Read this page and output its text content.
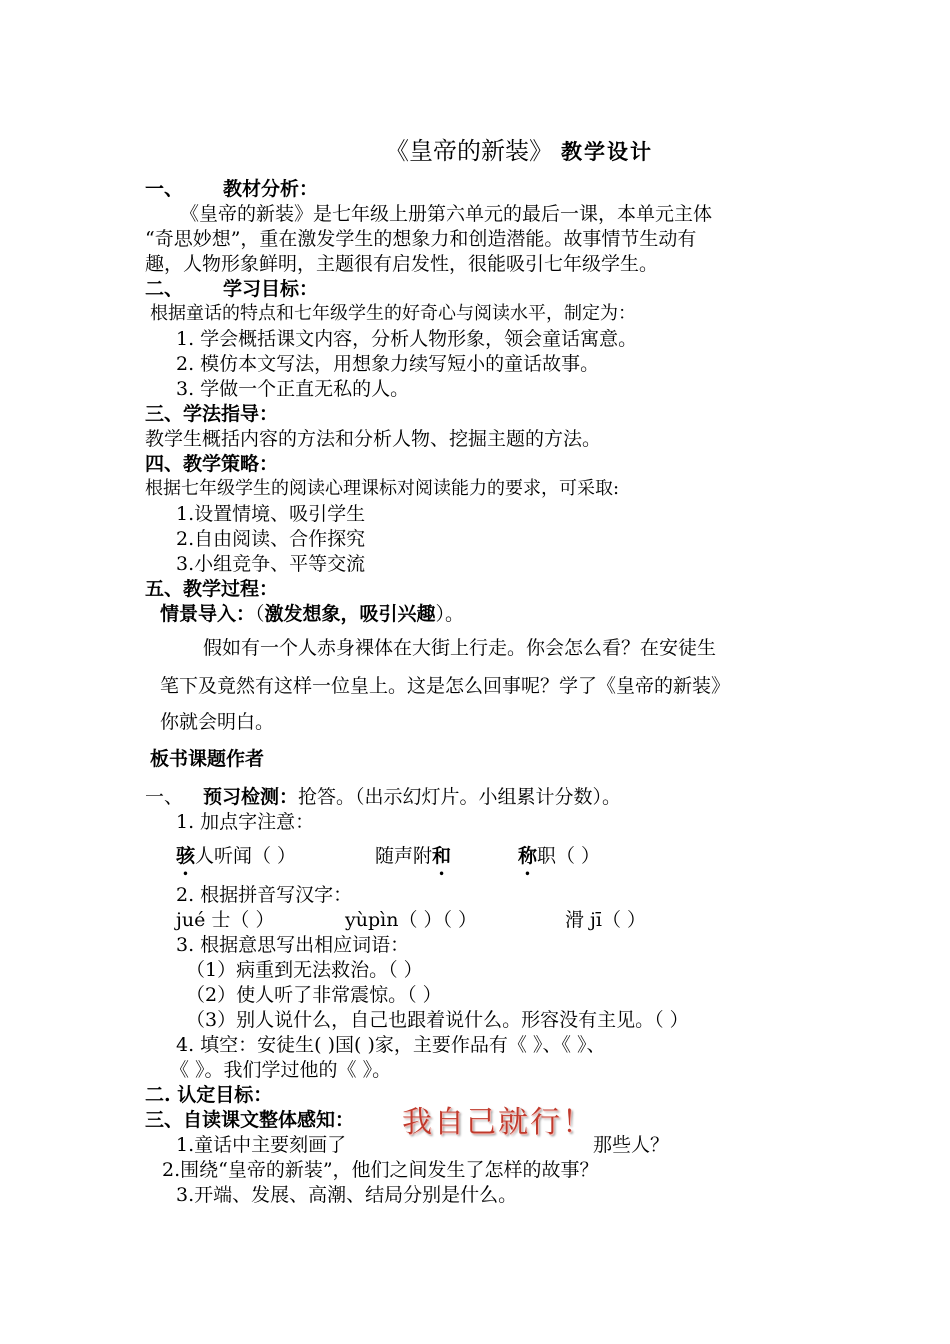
《皇帝的新装》 教学设计
一、 教材分析：
《皇帝的新装》是七年级上册第六单元的最后一课，本单元主体
“奇思妙想”，重在激发学生的想象力和创造潜能。故事情节生动有
趣，人物形象鲜明，主题很有启发性，很能吸引七年级学生。
二、 学习目标：
根据童话的特点和七年级学生的好奇心与阅读水平，制定为：
1. 学会概括课文内容，分析人物形象，领会童话寓意。
2. 模仿本文写法，用想象力续写短小的童话故事。
3. 学做一个正直无私的人。
三、学法指导：
教学生概括内容的方法和分析人物、挖掘主题的方法。
四、教学策略：
根据七年级学生的阅读心理课标对阅读能力的要求，可采取:
1.设置情境、吸引学生
2.自由阅读、合作探究
3.小组竞争、平等交流
五、教学过程：
情景导入：（激发想象，吸引兴趣）。
假如有一个人赤身裸体在大街上行走。你会怎么看？在安徒生
笔下及竟然有这样一位皇上。这是怎么回事呢？学了《皇帝的新装》
你就会明白。
板书课题作者
一、 预习检测：抢答。（出示幻灯片。小组累计分数）。
1. 加点字注意：
骇人听闻（ ）	随声附和	称职（ ）
2. 根据拼音写汉字：
jué 士（ ）	yùpìn（ ）（ ）	滑 jī（ ）
3. 根据意思写出相应词语：
（1）病重到无法救治。（ ）
（2）使人听了非常震惊。（ ）
（3）别人说什么，自己也跟着说什么。形容没有主见。（ ）
4. 填空：安徒生( )国( )家，主要作品有《 》、《 》、
《 》。我们学过他的《 》。
二. 认定目标：
三、自读课文整体感知： 我自己就行！
1.童话中主要刻画了	那些人？
2.围绕“皇帝的新装”，他们之间发生了怎样的故事？
3.开端、发展、高潮、结局分别是什么。
